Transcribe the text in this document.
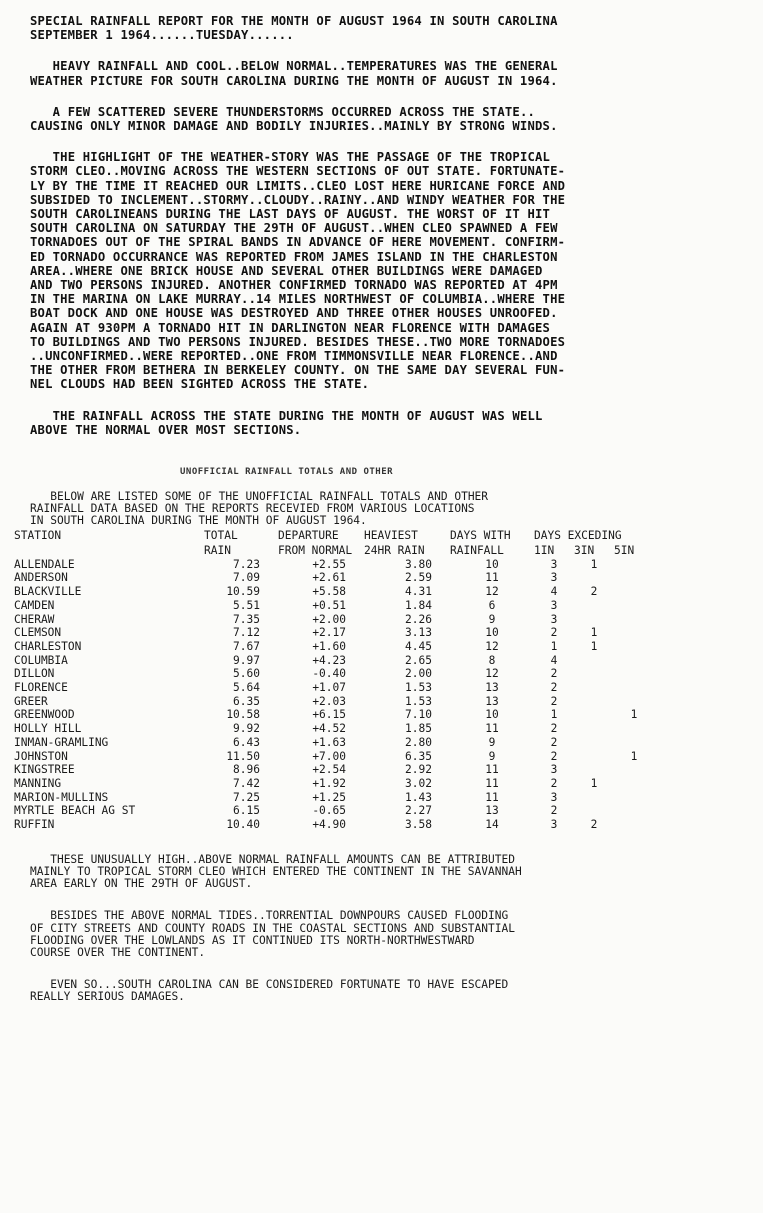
SPECIAL RAINFALL REPORT FOR THE MONTH OF AUGUST 1964 IN SOUTH CAROLINA
SEPTEMBER 1 1964......TUESDAY......

HEAVY RAINFALL AND COOL..BELOW NORMAL..TEMPERATURES WAS THE GENERAL
WEATHER PICTURE FOR SOUTH CAROLINA DURING THE MONTH OF AUGUST IN 1964.

A FEW SCATTERED SEVERE THUNDERSTORMS OCCURRED ACROSS THE STATE..
CAUSING ONLY MINOR DAMAGE AND BODILY INJURIES..MAINLY BY STRONG WINDS.

THE HIGHLIGHT OF THE WEATHER-STORY WAS THE PASSAGE OF THE TROPICAL
STORM CLEO..MOVING ACROSS THE WESTERN SECTIONS OF OUT STATE. FORTUNATE-
LY BY THE TIME IT REACHED OUR LIMITS..CLEO LOST HERE HURICANE FORCE AND
SUBSIDED TO INCLEMENT..STORMY..CLOUDY..RAINY..AND WINDY WEATHER FOR THE
SOUTH CAROLINEANS DURING THE LAST DAYS OF AUGUST. THE WORST OF IT HIT
SOUTH CAROLINA ON SATURDAY THE 29TH OF AUGUST..WHEN CLEO SPAWNED A FEW
TORNADOES OUT OF THE SPIRAL BANDS IN ADVANCE OF HERE MOVEMENT. CONFIRM-
ED TORNADO OCCURRANCE WAS REPORTED FROM JAMES ISLAND IN THE CHARLESTON
AREA..WHERE ONE BRICK HOUSE AND SEVERAL OTHER BUILDINGS WERE DAMAGED
AND TWO PERSONS INJURED. ANOTHER CONFIRMED TORNADO WAS REPORTED AT 4PM
IN THE MARINA ON LAKE MURRAY..14 MILES NORTHWEST OF COLUMBIA..WHERE THE
BOAT DOCK AND ONE HOUSE WAS DESTROYED AND THREE OTHER HOUSES UNROOFED.
AGAIN AT 930PM A TORNADO HIT IN DARLINGTON NEAR FLORENCE WITH DAMAGES
TO BUILDINGS AND TWO PERSONS INJURED. BESIDES THESE..TWO MORE TORNADOES
..UNCONFIRMED..WERE REPORTED..ONE FROM TIMMONSVILLE NEAR FLORENCE..AND
THE OTHER FROM BETHERA IN BERKELEY COUNTY. ON THE SAME DAY SEVERAL FUN-
NEL CLOUDS HAD BEEN SIGHTED ACROSS THE STATE.

THE RAINFALL ACROSS THE STATE DURING THE MONTH OF AUGUST WAS WELL
ABOVE THE NORMAL OVER MOST SECTIONS.

UNOFFICIAL RAINFALL TOTALS AND OTHER

BELOW ARE LISTED SOME OF THE UNOFFICIAL RAINFALL TOTALS AND OTHER
RAINFALL DATA BASED ON THE REPORTS RECEVIED FROM VARIOUS LOCATIONS
IN SOUTH CAROLINA DURING THE MONTH OF AUGUST 1964.

STATION	TOTAL	DEPARTURE	HEAVIEST	DAYS WITH	DAYS EXCEDING		
	RAIN	FROM NORMAL	24HR RAIN	RAINFALL	1IN	3IN	5IN
ALLENDALE	7.23	+2.55	3.80	10	3	1	
ANDERSON	7.09	+2.61	2.59	11	3		
BLACKVILLE	10.59	+5.58	4.31	12	4	2	
CAMDEN	5.51	+0.51	1.84	6	3		
CHERAW	7.35	+2.00	2.26	9	3		
CLEMSON	7.12	+2.17	3.13	10	2	1	
CHARLESTON	7.67	+1.60	4.45	12	1	1	
COLUMBIA	9.97	+4.23	2.65	8	4		
DILLON	5.60	-0.40	2.00	12	2		
FLORENCE	5.64	+1.07	1.53	13	2		
GREER	6.35	+2.03	1.53	13	2		
GREENWOOD	10.58	+6.15	7.10	10	1		1
HOLLY HILL	9.92	+4.52	1.85	11	2		
INMAN-GRAMLING	6.43	+1.63	2.80	9	2		
JOHNSTON	11.50	+7.00	6.35	9	2		1
KINGSTREE	8.96	+2.54	2.92	11	3		
MANNING	7.42	+1.92	3.02	11	2	1	
MARION-MULLINS	7.25	+1.25	1.43	11	3		
MYRTLE BEACH AG ST	6.15	-0.65	2.27	13	2		
RUFFIN	10.40	+4.90	3.58	14	3	2	

THESE UNUSUALLY HIGH..ABOVE NORMAL RAINFALL AMOUNTS CAN BE ATTRIBUTED
MAINLY TO TROPICAL STORM CLEO WHICH ENTERED THE CONTINENT IN THE SAVANNAH
AREA EARLY ON THE 29TH OF AUGUST.

BESIDES THE ABOVE NORMAL TIDES..TORRENTIAL DOWNPOURS CAUSED FLOODING
OF CITY STREETS AND COUNTY ROADS IN THE COASTAL SECTIONS AND SUBSTANTIAL
FLOODING OVER THE LOWLANDS AS IT CONTINUED ITS NORTH-NORTHWESTWARD
COURSE OVER THE CONTINENT.

EVEN SO...SOUTH CAROLINA CAN BE CONSIDERED FORTUNATE TO HAVE ESCAPED
REALLY SERIOUS DAMAGES.
